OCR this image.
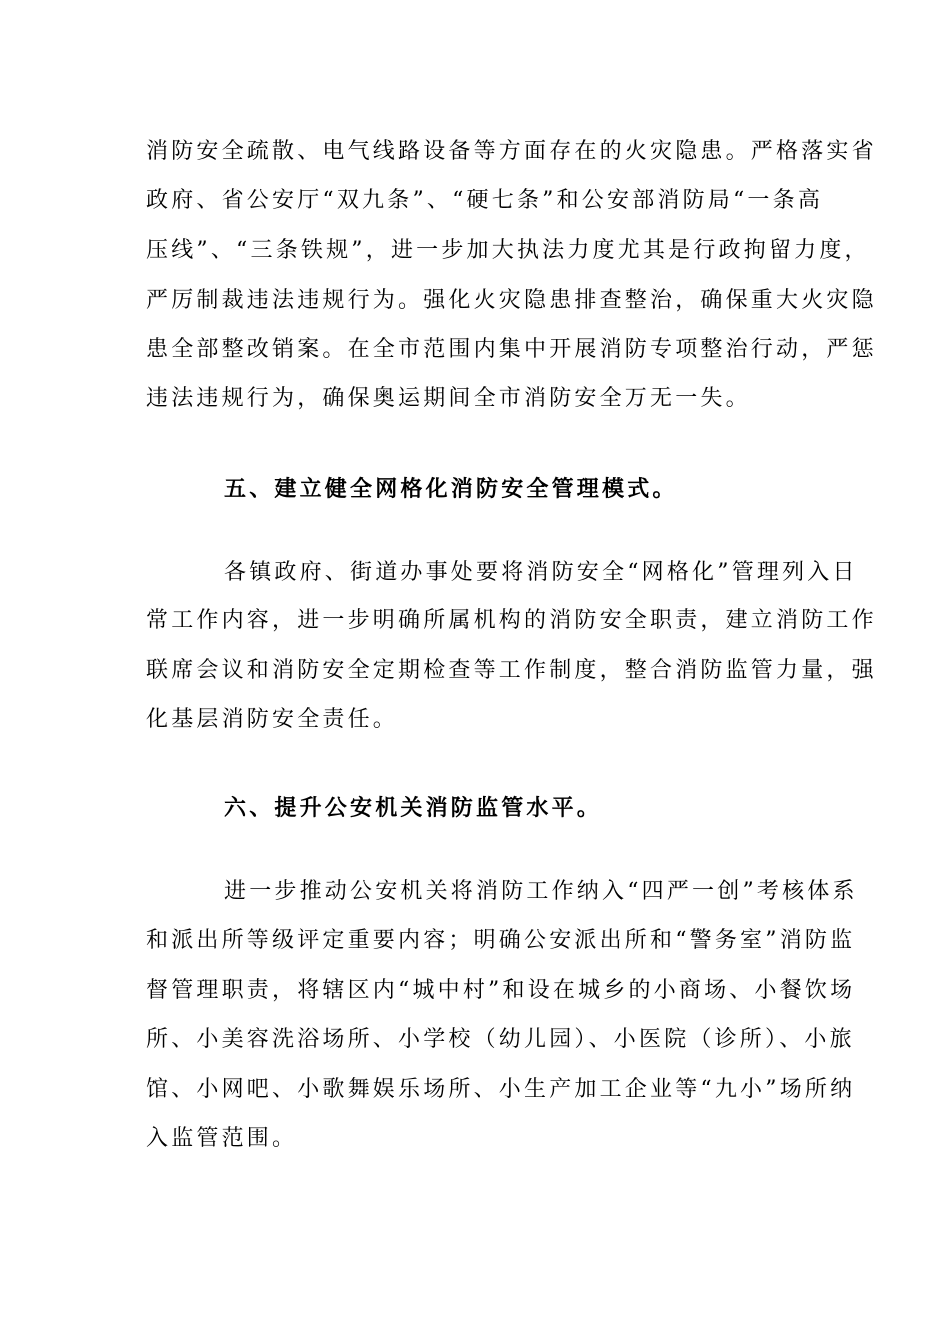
消防安全疏散、电气线路设备等方面存在的火灾隐患。严格落实省
政府、省公安厅“双九条”、“硬七条”和公安部消防局“一条高
压线”、“三条铁规”，进一步加大执法力度尤其是行政拘留力度，
严厉制裁违法违规行为。强化火灾隐患排查整治，确保重大火灾隐
患全部整改销案。在全市范围内集中开展消防专项整治行动，严惩
违法违规行为，确保奥运期间全市消防安全万无一失。
五、建立健全网格化消防安全管理模式。
各镇政府、街道办事处要将消防安全“网格化”管理列入日
常工作内容，进一步明确所属机构的消防安全职责，建立消防工作
联席会议和消防安全定期检查等工作制度，整合消防监管力量，强
化基层消防安全责任。
六、提升公安机关消防监管水平。
进一步推动公安机关将消防工作纳入“四严一创”考核体系
和派出所等级评定重要内容；明确公安派出所和“警务室”消防监
督管理职责，将辖区内“城中村”和设在城乡的小商场、小餐饮场
所、小美容洗浴场所、小学校（幼儿园）、小医院（诊所）、小旅
馆、小网吧、小歌舞娱乐场所、小生产加工企业等“九小”场所纳
入监管范围。
